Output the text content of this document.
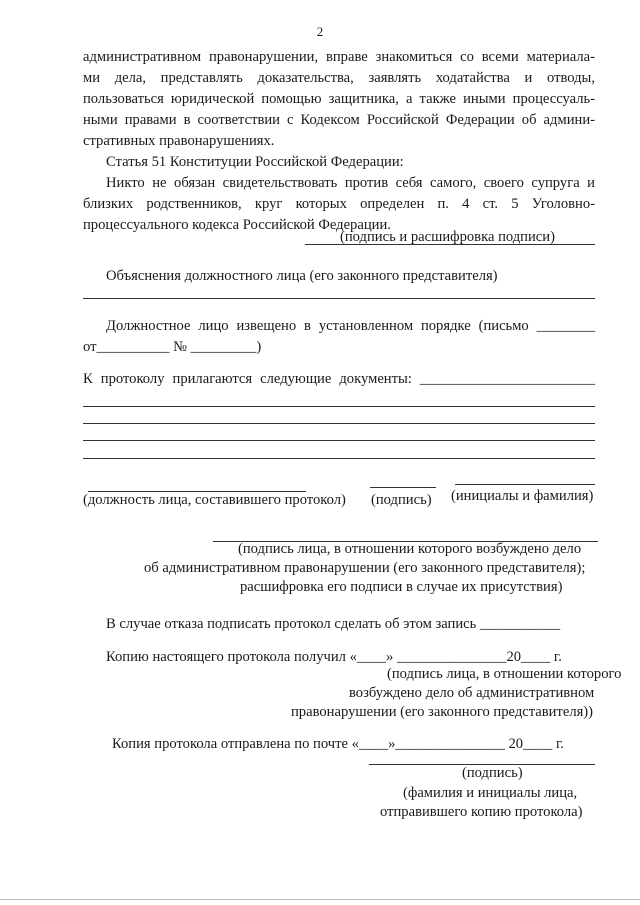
2
административном правонарушении, вправе знакомиться со всеми материала-
ми дела, представлять доказательства, заявлять ходатайства и отводы,
пользоваться юридической помощью защитника, а также иными процессуаль-
ными правами в соответствии с Кодексом Российской Федерации об админи-
стративных правонарушениях.
Статья 51 Конституции Российской Федерации:
Никто не обязан свидетельствовать против себя самого, своего супруга и
близких родственников, круг которых определен п. 4 ст. 5 Уголовно-
процессуального кодекса Российской Федерации.
(подпись и расшифровка подписи)
Объяснения должностного лица (его законного представителя)
Должностное лицо извещено в установленном порядке (письмо ________
от__________ № _________)
К протоколу прилагаются следующие документы: ________________________
(должность лица, составившего протокол) (подпись) (инициалы и фамилия)
(подпись лица, в отношении которого возбуждено дело
об административном правонарушении (его законного представителя);
расшифровка его подписи в случае их присутствия)
В случае отказа подписать протокол сделать об этом запись ___________
Копию настоящего протокола получил «____» _______________20____ г.
(подпись лица, в отношении которого
возбуждено дело об административном
правонарушении (его законного представителя))
Копия протокола отправлена по почте «____»_______________ 20____ г.
(подпись)
(фамилия и инициалы лица,
отправившего копию протокола)
